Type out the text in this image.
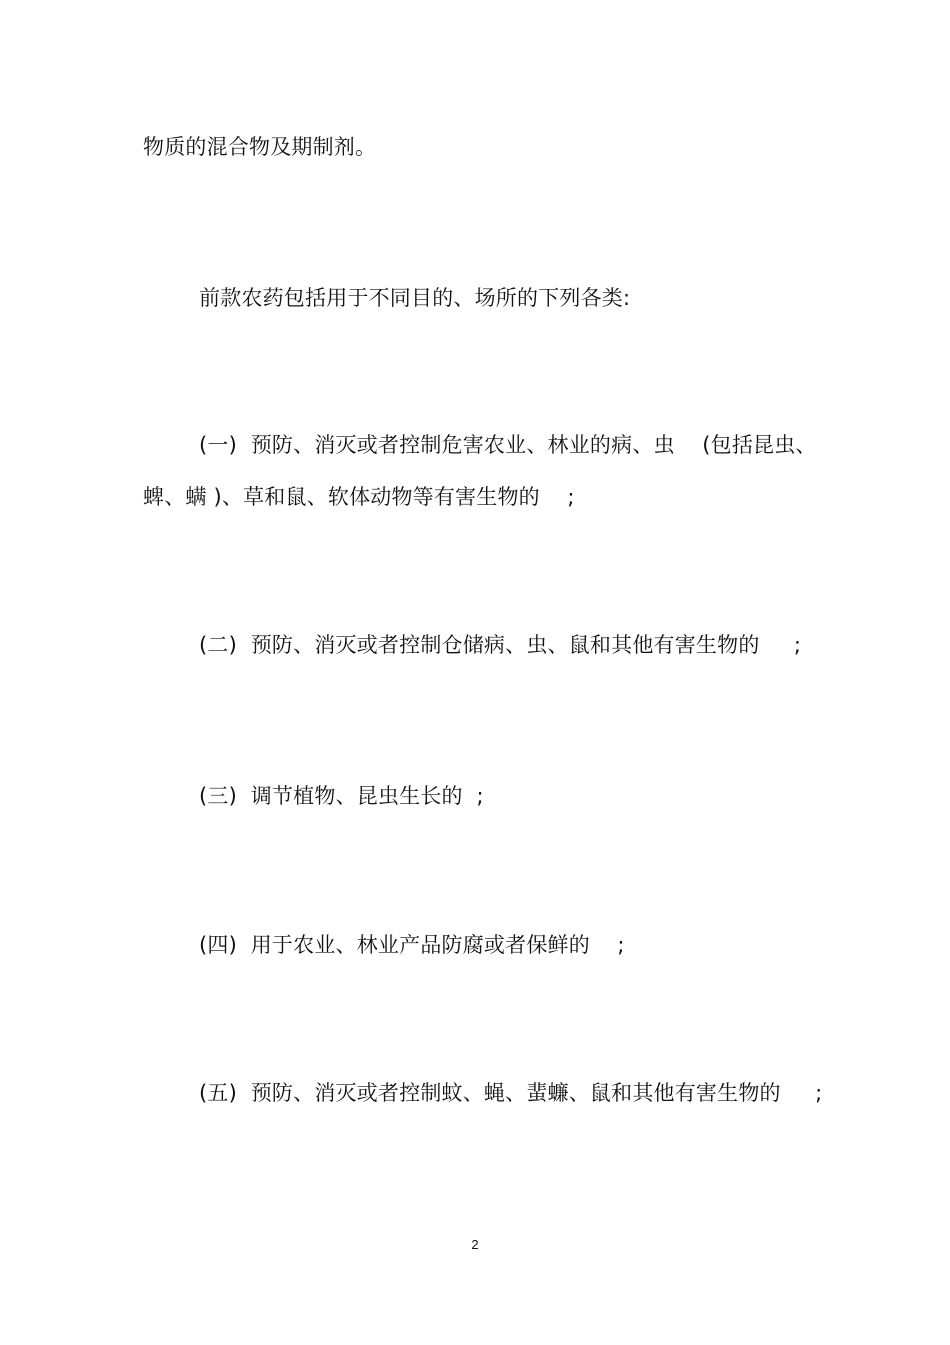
物质的混合物及期制剂。
前款农药包括用于不同目的、场所的下列各类:
(一)  预防、消灭或者控制危害农业、林业的病、虫    (包括昆虫、
蜱、螨 )、草和鼠、软体动物等有害生物的    ;
(二)  预防、消灭或者控制仓储病、虫、鼠和其他有害生物的     ;
(三)  调节植物、昆虫生长的  ;
(四)  用于农业、林业产品防腐或者保鲜的    ;
(五)  预防、消灭或者控制蚊、蝇、蜚蠊、鼠和其他有害生物的     ;
2
